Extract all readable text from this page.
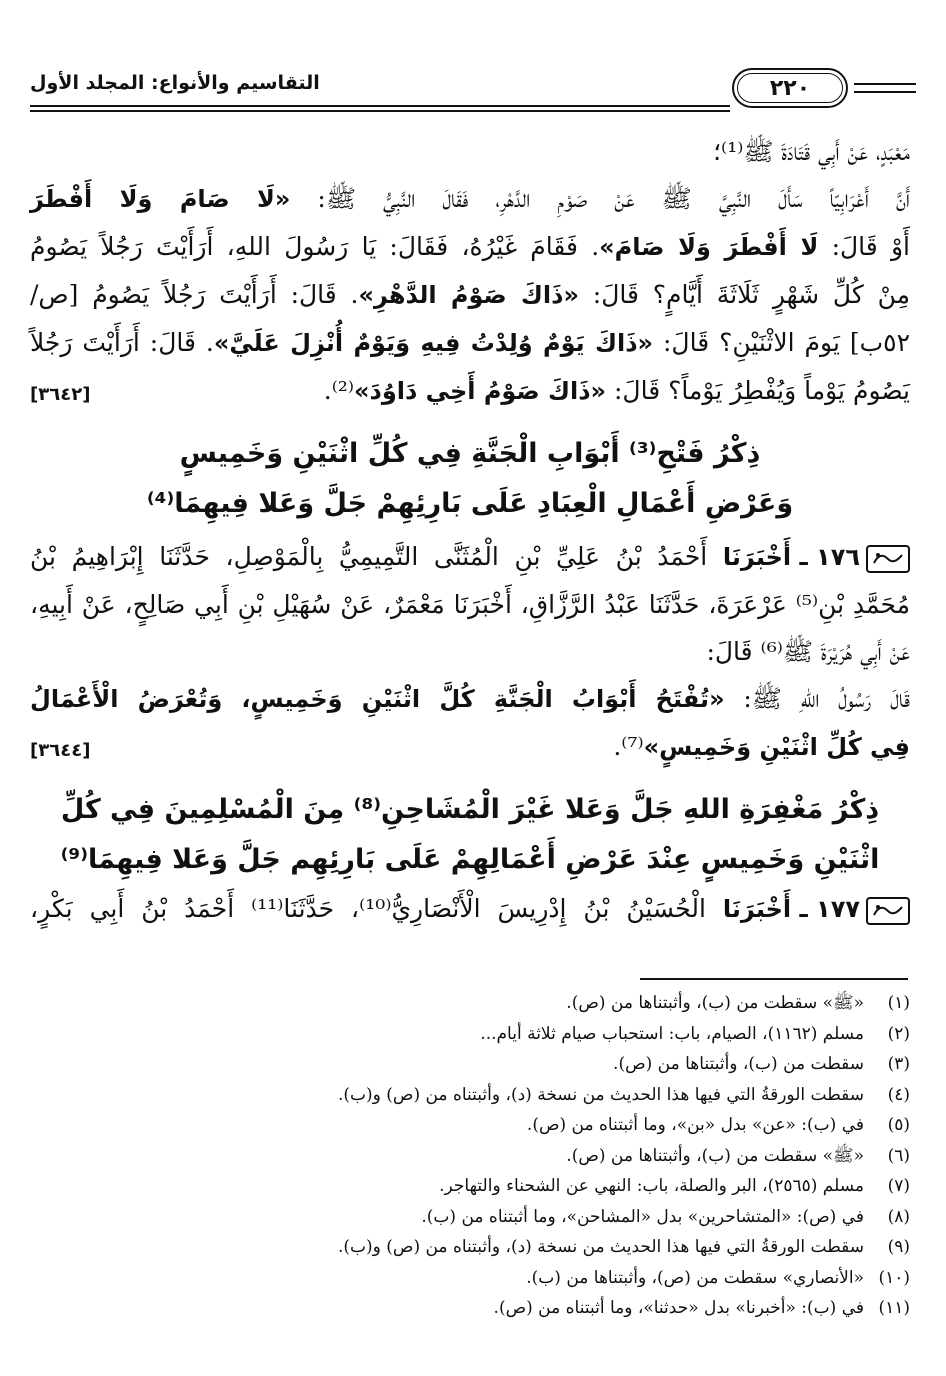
٢٢٠
التقاسيم والأنواع: المجلد الأول
مَعْبَدٍ، عَنْ أَبِي قَتَادَةَ ﷺ⁽¹⁾؛
أَنَّ أَعْرَابِيّاً سَأَلَ النَّبِيَّ ﷺ عَنْ صَوْمِ الدَّهْرِ، فَقَالَ النَّبِيُّ ﷺ: «لَا صَامَ وَلَا أَفْطَرَ
أَوْ قَالَ: لَا أَفْطَرَ وَلَا صَامَ». فَقَامَ غَيْرُهُ، فَقَالَ: يَا رَسُولَ اللهِ، أَرَأَيْتَ رَجُلاً يَصُومُ
مِنْ كُلِّ شَهْرٍ ثَلَاثَةَ أَيَّامٍ؟ قَالَ: «ذَاكَ صَوْمُ الدَّهْرِ». قَالَ: أَرَأَيْتَ رَجُلاً يَصُومُ [ص/
٥٢ب] يَومَ الاثْنَيْنِ؟ قَالَ: «ذَاكَ يَوْمٌ وُلِدْتُ فِيهِ وَيَوْمٌ أُنْزِلَ عَلَيَّ». قَالَ: أَرَأَيْتَ رَجُلاً
[٣٦٤٢]	يَصُومُ يَوْماً وَيُفْطِرُ يَوْماً؟ قَالَ: «ذَاكَ صَوْمُ أَخِي دَاوُدَ»⁽²⁾.
ذِكْرُ فَتْحِ⁽³⁾ أَبْوَابِ الْجَنَّةِ فِي كُلِّ اثْنَيْنِ وَخَمِيسٍ
وَعَرْضِ أَعْمَالِ الْعِبَادِ عَلَى بَارِئِهِمْ جَلَّ وَعَلا فِيهِمَا⁽⁴⁾
١٧٦ ـ أَخْبَرَنَا أَحْمَدُ بْنُ عَلِيِّ بْنِ الْمُثَنَّى التَّمِيمِيُّ بِالْمَوْصِلِ، حَدَّثَنَا إِبْرَاهِيمُ بْنُ
مُحَمَّدِ بْنِ⁽⁵⁾ عَرْعَرَةَ، حَدَّثَنَا عَبْدُ الرَّزَّاقِ، أَخْبَرَنَا مَعْمَرٌ، عَنْ سُهَيْلِ بْنِ أَبِي صَالِحٍ، عَنْ أَبِيهِ،
عَنْ أَبِي هُرَيْرَةَ ﷺ⁽⁶⁾ قَالَ:
قَالَ رَسُولُ اللهِ ﷺ: «تُفْتَحُ أَبْوَابُ الْجَنَّةِ كُلَّ اثْنَيْنِ وَخَمِيسٍ، وَتُعْرَضُ الْأَعْمَالُ
[٣٦٤٤]	فِي كُلِّ اثْنَيْنِ وَخَمِيسٍ»⁽⁷⁾.
ذِكْرُ مَغْفِرَةِ اللهِ جَلَّ وَعَلا غَيْرَ الْمُشَاحِنِ⁽⁸⁾ مِنَ الْمُسْلِمِينَ فِي كُلِّ
اثْنَيْنِ وَخَمِيسٍ عِنْدَ عَرْضِ أَعْمَالِهِمْ عَلَى بَارِئِهِم جَلَّ وَعَلا فِيهِمَا⁽⁹⁾
١٧٧ ـ أَخْبَرَنَا الْحُسَيْنُ بْنُ إِدْرِيسَ الْأَنْصَارِيُّ⁽¹⁰⁾، حَدَّثَنَا⁽¹¹⁾ أَحْمَدُ بْنُ أَبِي بَكْرٍ،
(١)«ﷺ» سقطت من (ب)، وأثبتناها من (ص).
(٢)مسلم (١١٦٢)، الصيام، باب: استحباب صيام ثلاثة أيام...
(٣)سقطت من (ب)، وأثبتناها من (ص).
(٤)سقطت الورقةُ التي فيها هذا الحديث من نسخة (د)، وأثبتناه من (ص) و(ب).
(٥)في (ب): «عن» بدل «بن»، وما أثبتناه من (ص).
(٦)«ﷺ» سقطت من (ب)، وأثبتناها من (ص).
(٧)مسلم (٢٥٦٥)، البر والصلة، باب: النهي عن الشحناء والتهاجر.
(٨)في (ص): «المتشاحرين» بدل «المشاحن»، وما أثبتناه من (ب).
(٩)سقطت الورقةُ التي فيها هذا الحديث من نسخة (د)، وأثبتناه من (ص) و(ب).
(١٠)«الأنصاري» سقطت من (ص)، وأثبتناها من (ب).
(١١)في (ب): «أخبرنا» بدل «حدثنا»، وما أثبتناه من (ص).
